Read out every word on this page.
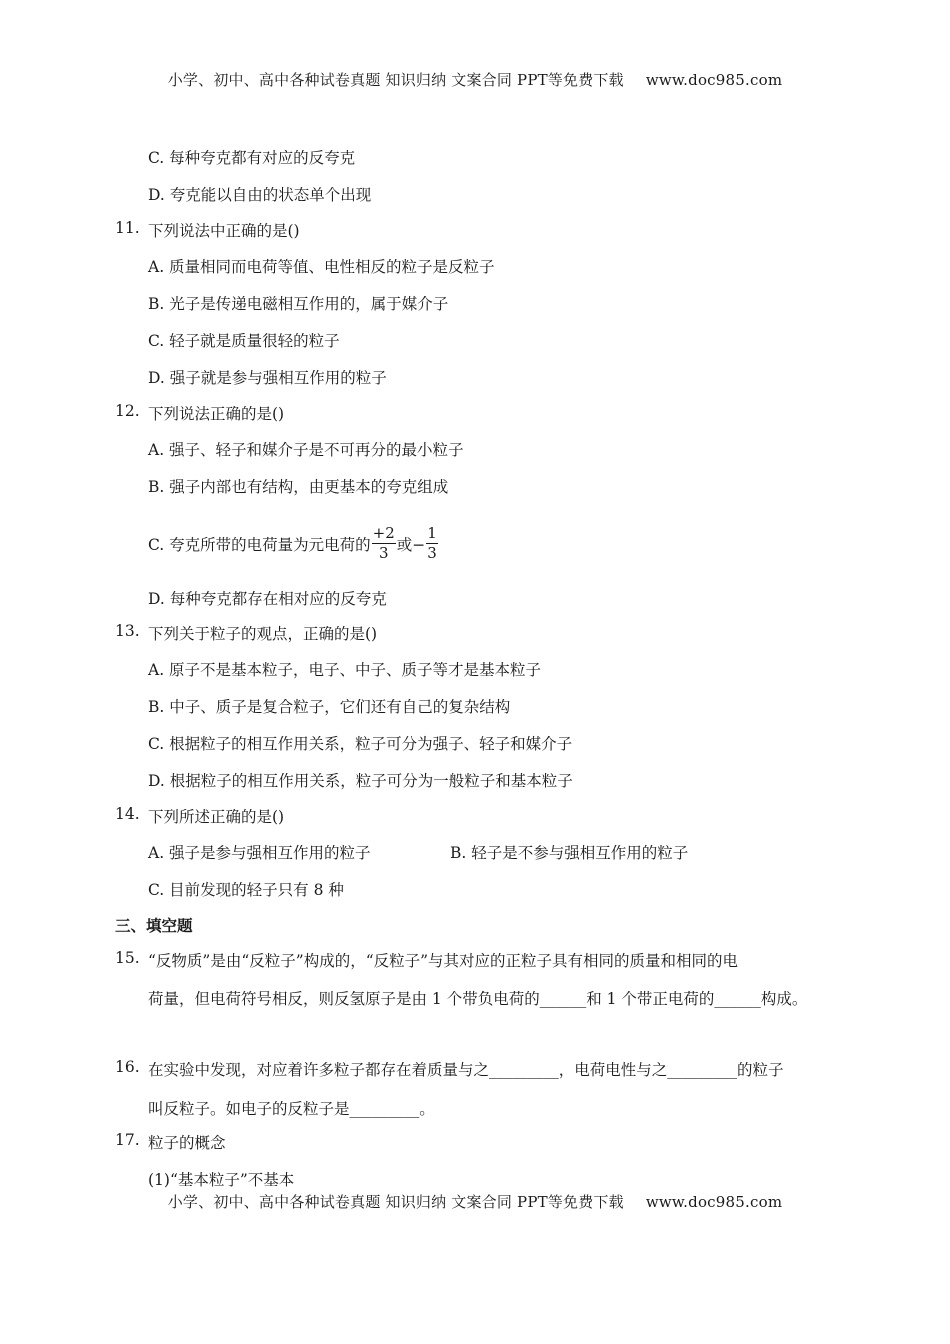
小学、初中、高中各种试卷真题 知识归纳 文案合同 PPT等免费下载 www.doc985.com
C. 每种夸克都有对应的反夸克
D. 夸克能以自由的状态单个出现
11. 下列说法中正确的是()
A. 质量相同而电荷等值、电性相反的粒子是反粒子
B. 光子是传递电磁相互作用的，属于媒介子
C. 轻子就是质量很轻的粒子
D. 强子就是参与强相互作用的粒子
12. 下列说法正确的是()
A. 强子、轻子和媒介子是不可再分的最小粒子
B. 强子内部也有结构，由更基本的夸克组成
C. 夸克所带的电荷量为元电荷的 $\frac{+2}{3}$ 或− $\frac{1}{3}$
D. 每种夸克都存在相对应的反夸克
13. 下列关于粒子的观点，正确的是()
A. 原子不是基本粒子，电子、中子、质子等才是基本粒子
B. 中子、质子是复合粒子，它们还有自己的复杂结构
C. 根据粒子的相互作用关系，粒子可分为强子、轻子和媒介子
D. 根据粒子的相互作用关系，粒子可分为一般粒子和基本粒子
14. 下列所述正确的是()
A. 强子是参与强相互作用的粒子	B. 轻子是不参与强相互作用的粒子
C. 目前发现的轻子只有 8 种
三、填空题
15. “反物质”是由“反粒子”构成的，“反粒子”与其对应的正粒子具有相同的质量和相同的电
荷量，但电荷符号相反，则反氢原子是由 1 个带负电荷的______和 1 个带正电荷的______构成。
16. 在实验中发现，对应着许多粒子都存在着质量与之_________，电荷电性与之_________的粒子
叫反粒子。如电子的反粒子是_________。
17. 粒子的概念
(1)“基本粒子”不基本
小学、初中、高中各种试卷真题 知识归纳 文案合同 PPT等免费下载 www.doc985.com
